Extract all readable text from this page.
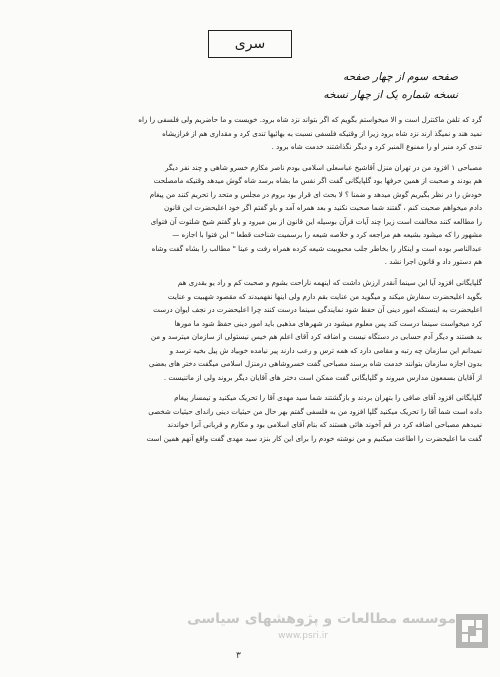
سری
صفحه سوم از چهار صفحه
نسخه شماره یک از چهار نسخه
گرد که تلفن ماکنترل است و الا میخواستم بگویم که اگر بتواند نزد شاه برود. خویست و ما حاضریم ولی فلسفی را راه
نمید هند و نمیگذ ارند نزد شاه برود زیرا از وقتیکه فلسفی نسبت به بهائیها تندی کرد و مقداری هم از فرازیشاه
تندی کرد منبر او را ممنوع المنبر کرد و دیگر نگذاشتند خدمت شاه برود .
مصباحی ۱ افزود من در تهران منزل آقاشیخ عباسعلی اسلامی بودم ناصر مکارم خسرو شاهی و چند نفر دیگر
هم بودند و صحبت از همین حرفها بود گلپایگانی گفت اگر نفس ما بشاه برسد شاه گوش میدهد وقتیکه مامصلحت
خودش را در نظر بگیریم گوش میدهد و ضمنا ؟ لا بحث ای قرار بود بروم در مجلس و متحد را تحریم کنند من پیغام
دادم میخواهم صحبت کنم ، گفتند شما صحبت نکنید و بعد همراه آمد و باو گفتم اگر خود اعلیحضرت این قانون
را مطالعه کنند مخالفت است زیرا چند آیات قرآن بوسیله این قانون از بین میرود و باو گفتم شیخ شلتوت آن فتوای
مشهور را که میشود بشیعه هم مراجعه کرد و خلاصه شیعه را برسمیت شناخت قطعا " این فتوا با اجازه —
عبدالناصر بوده است و اینکار را بخاطر جلب محبوبیت شیعه کرده همراه رفت و عینا " مطالب را بشاه گفت وشاه
هم دستور داد و قانون اجرا نشد .
گلپایگانی افزود آیا این سینما آنقدر ارزش داشت که اینهمه ناراحت بشوم و صحبت کم و راد یو بقدری هم
بگوید اعلیحضرت سفارش میکند و میگوید من عنایت بقم دارم ولی اینها نفهمیدند که مقصود شهبیت و عنایت
اعلیحضرت به اینستکه امور دینی آن حفظ شود نمایندگی سینما درست کنند چرا اعلیحضرت در نجف ایوان درست
کرد میخواست سینما درست کند پس معلوم میشود در شهرهای مذهبی باید امور دینی حفظ شود ما مورها
بد هستند و دیگر آدم حسابی در دستگاه نیست و اضافه کرد آقای اعلم هم خیس نیستولی از سازمان میترسد و من
نمیدانم این سازمان چه رتبه و مقامی دارد که همه ترس و رعب دارند پیر نیامده خوبیاد ش پیل بخیه ترسد و
بدون اجازه سازمان بتوانند خدمت شاه برسند مصباحی گفت خسروشاهی درمنزل اسلامی میگفت دختر های بعضی
از آقایان بسمعون مدارس میروند و گلپایگانی گفت ممکن است دختر های آقایان دیگر بروند ولی از ماتنیست .
گلپایگانی افزود آقای صافی را بتهران بردند و بازگشتند شما سید مهدی آقا را تحریک میکنید و تیمسار پیغام
داده است شما آقا را تحریک میکنید گلپا افزود من به فلسفی گفتم بهر حال من حیثیات دینی راندای حیثیات شخصی
نمیدهم مصباحی اضافه کرد در قم آخوند هائی هستند که بنام آقای اسلامی بود و مکارم و قربانی آنرا خواندند
گفت ما اعلیحضرت را اطاعت میکنیم و من نوشته خودم را برای این کار بنزد سید مهدی گفت واقع آنهم همین است
موسسه مطالعات و پژوهشهای سیاسی
www.psri.ir
۳
